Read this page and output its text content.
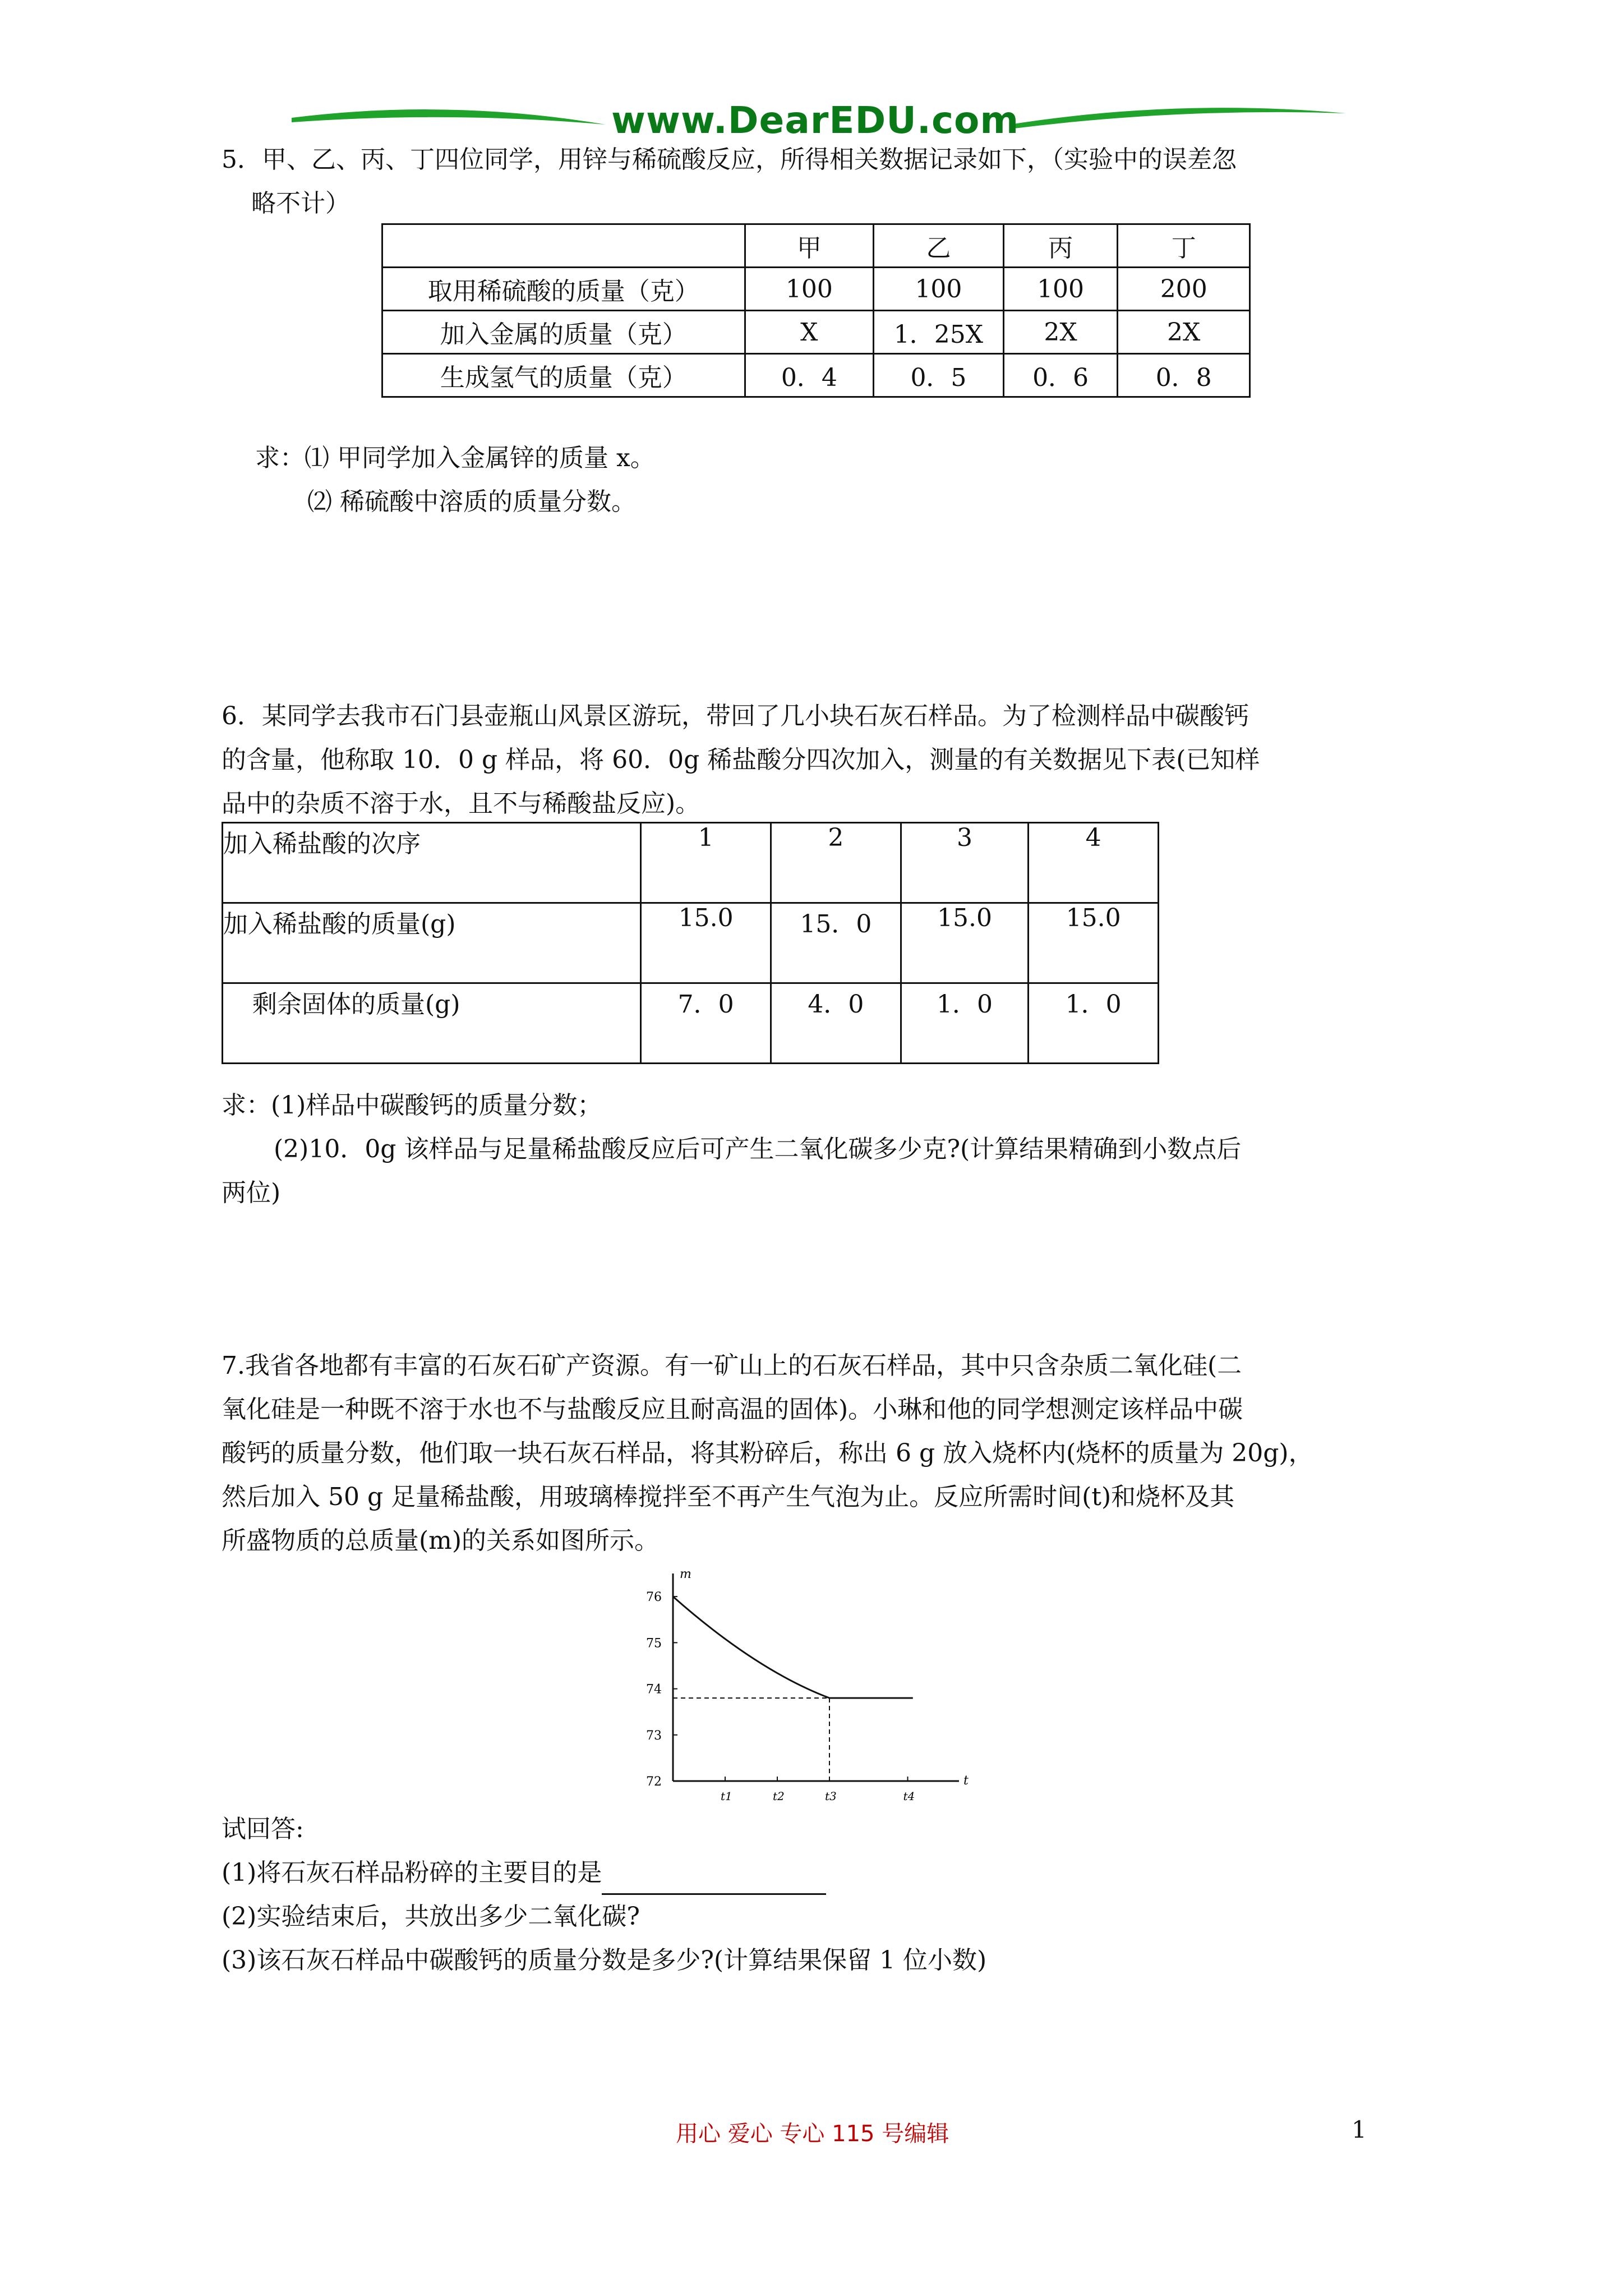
www.DearEDU.com
5．甲、乙、丙、丁四位同学，用锌与稀硫酸反应，所得相关数据记录如下，（实验中的误差忽
略不计）
	甲	乙	丙	丁
取用稀硫酸的质量（克）	100	100	100	200
加入金属的质量（克）	X	1．25X	2X	2X
生成氢气的质量（克）	0．4	0．5	0．6	0．8
求：⑴ 甲同学加入金属锌的质量 x。
⑵ 稀硫酸中溶质的质量分数。
6．某同学去我市石门县壶瓶山风景区游玩，带回了几小块石灰石样品。为了检测样品中碳酸钙
的含量，他称取 10．0 g 样品，将 60．0g 稀盐酸分四次加入，测量的有关数据见下表(已知样
品中的杂质不溶于水，且不与稀酸盐反应)。
加入稀盐酸的次序	1	2	3	4
加入稀盐酸的质量(g)	15.0	15．0	15.0	15.0
剩余固体的质量(g)	7．0	4．0	1．0	1．0
求：(1)样品中碳酸钙的质量分数；
(2)10．0g 该样品与足量稀盐酸反应后可产生二氧化碳多少克?(计算结果精确到小数点后
两位)
7.我省各地都有丰富的石灰石矿产资源。有一矿山上的石灰石样品，其中只含杂质二氧化硅(二
氧化硅是一种既不溶于水也不与盐酸反应且耐高温的固体)。小琳和他的同学想测定该样品中碳
酸钙的质量分数，他们取一块石灰石样品，将其粉碎后，称出 6 g 放入烧杯内(烧杯的质量为 20g)，
然后加入 50 g 足量稀盐酸，用玻璃棒搅拌至不再产生气泡为止。反应所需时间(t)和烧杯及其
所盛物质的总质量(m)的关系如图所示。
m
t
72
73
74
75
76
t1	t2	t3	t4
试回答:
(1)将石灰石样品粉碎的主要目的是
(2)实验结束后，共放出多少二氧化碳?
(3)该石灰石样品中碳酸钙的质量分数是多少?(计算结果保留 1 位小数)
用心 爱心 专心 115 号编辑	1
